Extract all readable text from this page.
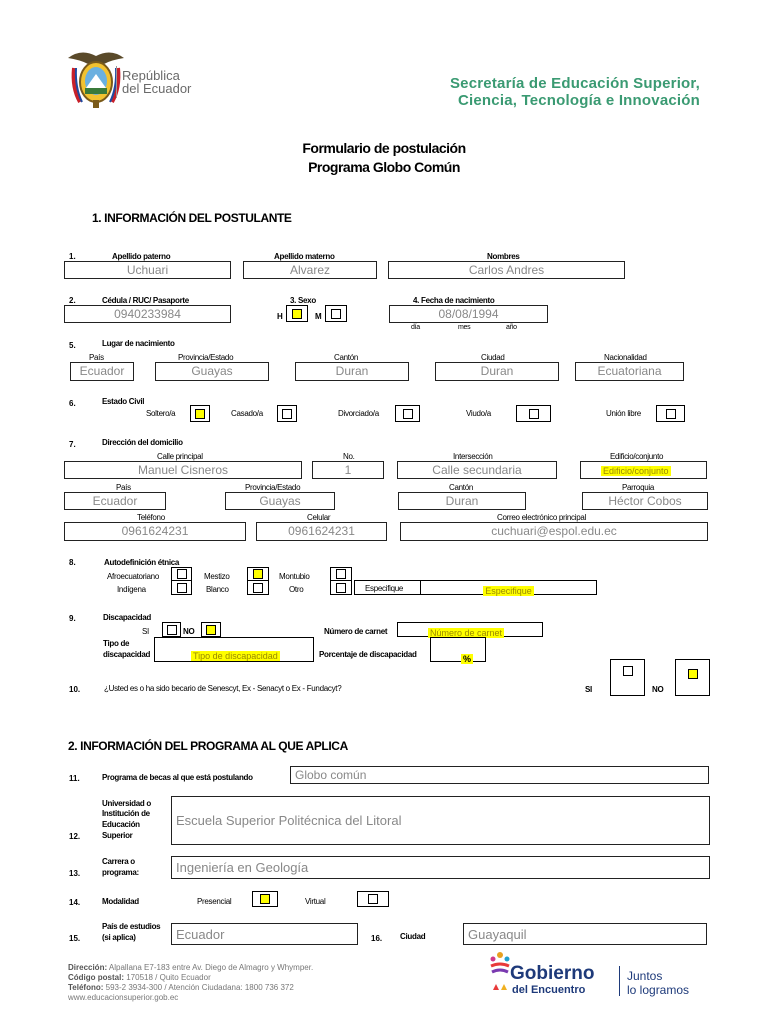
República
del Ecuador	Secretaría de Educación Superior,
Ciencia, Tecnología e Innovación
Formulario de postulación
Programa Globo Común
1. INFORMACIÓN DEL POSTULANTE
1.	Apellido paterno	Apellido materno	Nombres
Uchuari	Alvarez	Carlos Andres
2.	Cédula / RUC/ Pasaporte
0940233984
3. Sexo
H	M
4. Fecha de nacimiento
08/08/1994
día	mes	año
5.	Lugar de nacimiento
País	Provincia/Estado	Cantón	Ciudad	Nacionalidad
Ecuador	Guayas	Duran	Duran	Ecuatoriana
6.	Estado Civil
Soltero/a	Casado/a	Divorciado/a	Viudo/a	Unión libre
7.	Dirección del domicilio
Calle principal	No.	Intersección	Edificio/conjunto
Manuel Cisneros	1	Calle secundaria	Edificio/conjunto
País	Provincia/Estado	Cantón	Parroquia
Ecuador	Guayas	Duran	Héctor Cobos
Teléfono	Celular	Correo electrónico principal
0961624231	0961624231	cuchuari@espol.edu.ec
8.	Autodefinición étnica
Afroecuatoriano	Mestizo	Montubio
Indígena	Blanco	Otro	Especifique	Especifique
9.	Discapacidad
SI	NO	Número de carnet	Número de carnet
Tipo de
discapacidad	Tipo de discapacidad	Porcentaje de discapacidad	%
10.	¿Usted es o ha sido becario de Senescyt, Ex - Senacyt o Ex - Fundacyt?	SI	NO
2. INFORMACIÓN DEL PROGRAMA AL QUE APLICA
11.	Programa de becas al que está postulando	Globo común
12.
Universidad o
Institución de
Educación
Superior
Escuela Superior Politécnica del Litoral
13.
Carrera o
programa:	Ingeniería en Geología
14.	Modalidad	Presencial	Virtual
15.
País de estudios
(si aplica)	Ecuador	16. Ciudad	Guayaquil
Dirección: Alpallana E7-183 entre Av. Diego de Almagro y Whymper.
Código postal: 170518 / Quito Ecuador
Teléfono: 593-2 3934-300 / Atención Ciudadana: 1800 736 372
www.educacionsuperior.gob.ec
Gobierno
del Encuentro
Juntos
lo logramos
